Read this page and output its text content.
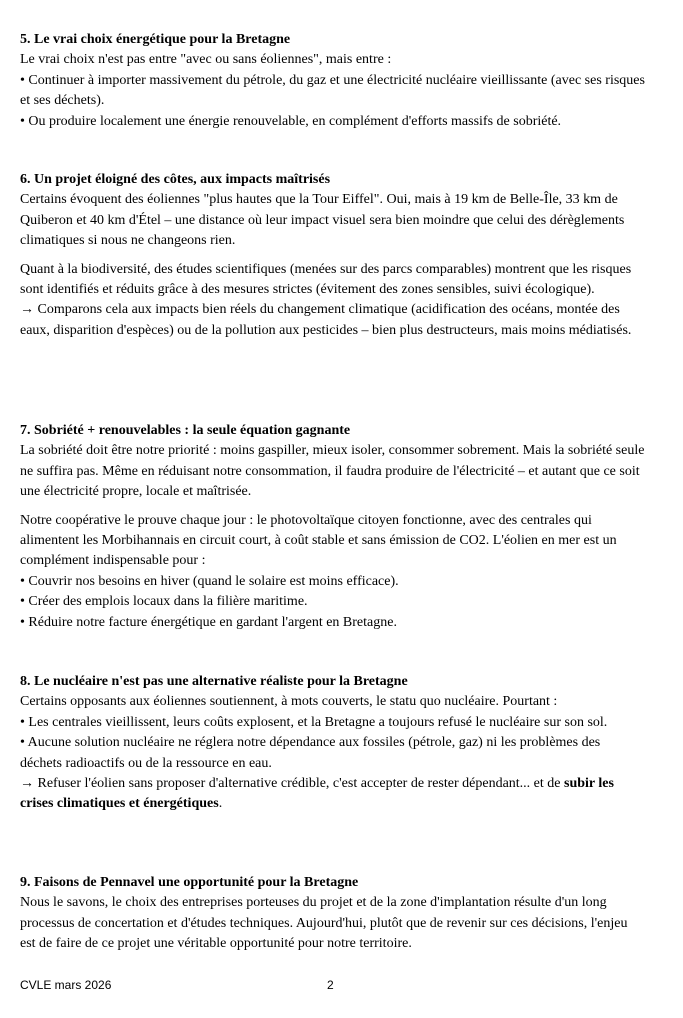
5. Le vrai choix énergétique pour la Bretagne

Le vrai choix n'est pas entre "avec ou sans éoliennes", mais entre :

• Continuer à importer massivement du pétrole, du gaz et une électricité nucléaire vieillissante (avec ses risques et ses déchets).

• Ou produire localement une énergie renouvelable, en complément d'efforts massifs de sobriété.

6. Un projet éloigné des côtes, aux impacts maîtrisés

Certains évoquent des éoliennes "plus hautes que la Tour Eiffel". Oui, mais à 19 km de Belle-Île, 33 km de Quiberon et 40 km d'Étel – une distance où leur impact visuel sera bien moindre que celui des dérèglements climatiques si nous ne changeons rien.

Quant à la biodiversité, des études scientifiques (menées sur des parcs comparables) montrent que les risques sont identifiés et réduits grâce à des mesures strictes (évitement des zones sensibles, suivi écologique).

→ Comparons cela aux impacts bien réels du changement climatique (acidification des océans, montée des eaux, disparition d'espèces) ou de la pollution aux pesticides – bien plus destructeurs, mais moins médiatisés.

7. Sobriété + renouvelables : la seule équation gagnante

La sobriété doit être notre priorité : moins gaspiller, mieux isoler, consommer sobrement. Mais la sobriété seule ne suffira pas. Même en réduisant notre consommation, il faudra produire de l'électricité – et autant que ce soit une électricité propre, locale et maîtrisée.

Notre coopérative le prouve chaque jour : le photovoltaïque citoyen fonctionne, avec des centrales qui alimentent les Morbihannais en circuit court, à coût stable et sans émission de CO2. L'éolien en mer est un complément indispensable pour :

• Couvrir nos besoins en hiver (quand le solaire est moins efficace).

• Créer des emplois locaux dans la filière maritime.

• Réduire notre facture énergétique en gardant l'argent en Bretagne.

8. Le nucléaire n'est pas une alternative réaliste pour la Bretagne

Certains opposants aux éoliennes soutiennent, à mots couverts, le statu quo nucléaire. Pourtant :

• Les centrales vieillissent, leurs coûts explosent, et la Bretagne a toujours refusé le nucléaire sur son sol.

• Aucune solution nucléaire ne réglera notre dépendance aux fossiles (pétrole, gaz) ni les problèmes des déchets radioactifs ou de la ressource en eau.

→ Refuser l'éolien sans proposer d'alternative crédible, c'est accepter de rester dépendant... et de subir les crises climatiques et énergétiques.

9. Faisons de Pennavel une opportunité pour la Bretagne

Nous le savons, le choix des entreprises porteuses du projet et de la zone d'implantation résulte d'un long processus de concertation et d'études techniques. Aujourd'hui, plutôt que de revenir sur ces décisions, l'enjeu est de faire de ce projet une véritable opportunité pour notre territoire.

CVLE mars 2026	2
